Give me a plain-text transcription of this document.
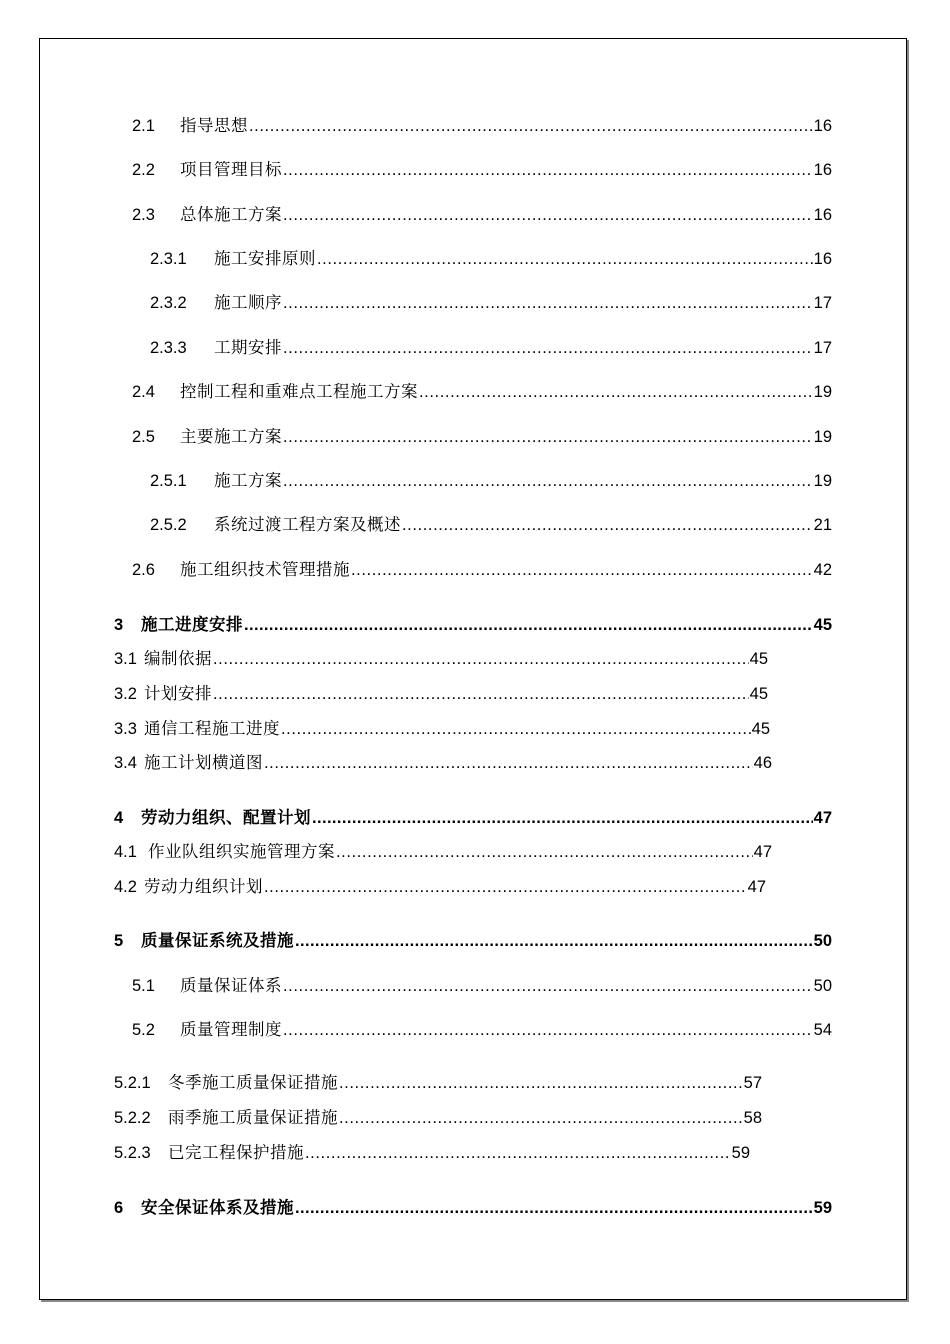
2.1	指导思想 .....	16
2.2	项目管理目标 .....	16
2.3	总体施工方案 .....	16
2.3.1	施工安排原则 .....	16
2.3.2	施工顺序 .....	17
2.3.3	工期安排 .....	17
2.4	控制工程和重难点工程施工方案 .....	19
2.5	主要施工方案 .....	19
2.5.1	施工方案 .....	19
2.5.2	系统过渡工程方案及概述 .....	21
2.6	施工组织技术管理措施 .....	42
3	施工进度安排 .....	45
3.1 编制依据 .....	45
3.2 计划安排 .....	45
3.3 通信工程施工进度 .....	45
3.4 施工计划横道图 .....	46
4	劳动力组织、配置计划 .....	47
4.1 作业队组织实施管理方案 .....	47
4.2 劳动力组织计划 .....	47
5	质量保证系统及措施 .....	50
5.1	质量保证体系 .....	50
5.2	质量管理制度 .....	54
5.2.1	冬季施工质量保证措施 .....	57
5.2.2	雨季施工质量保证措施 .....	58
5.2.3	已完工程保护措施 .....	59
6	安全保证体系及措施 .....	59
